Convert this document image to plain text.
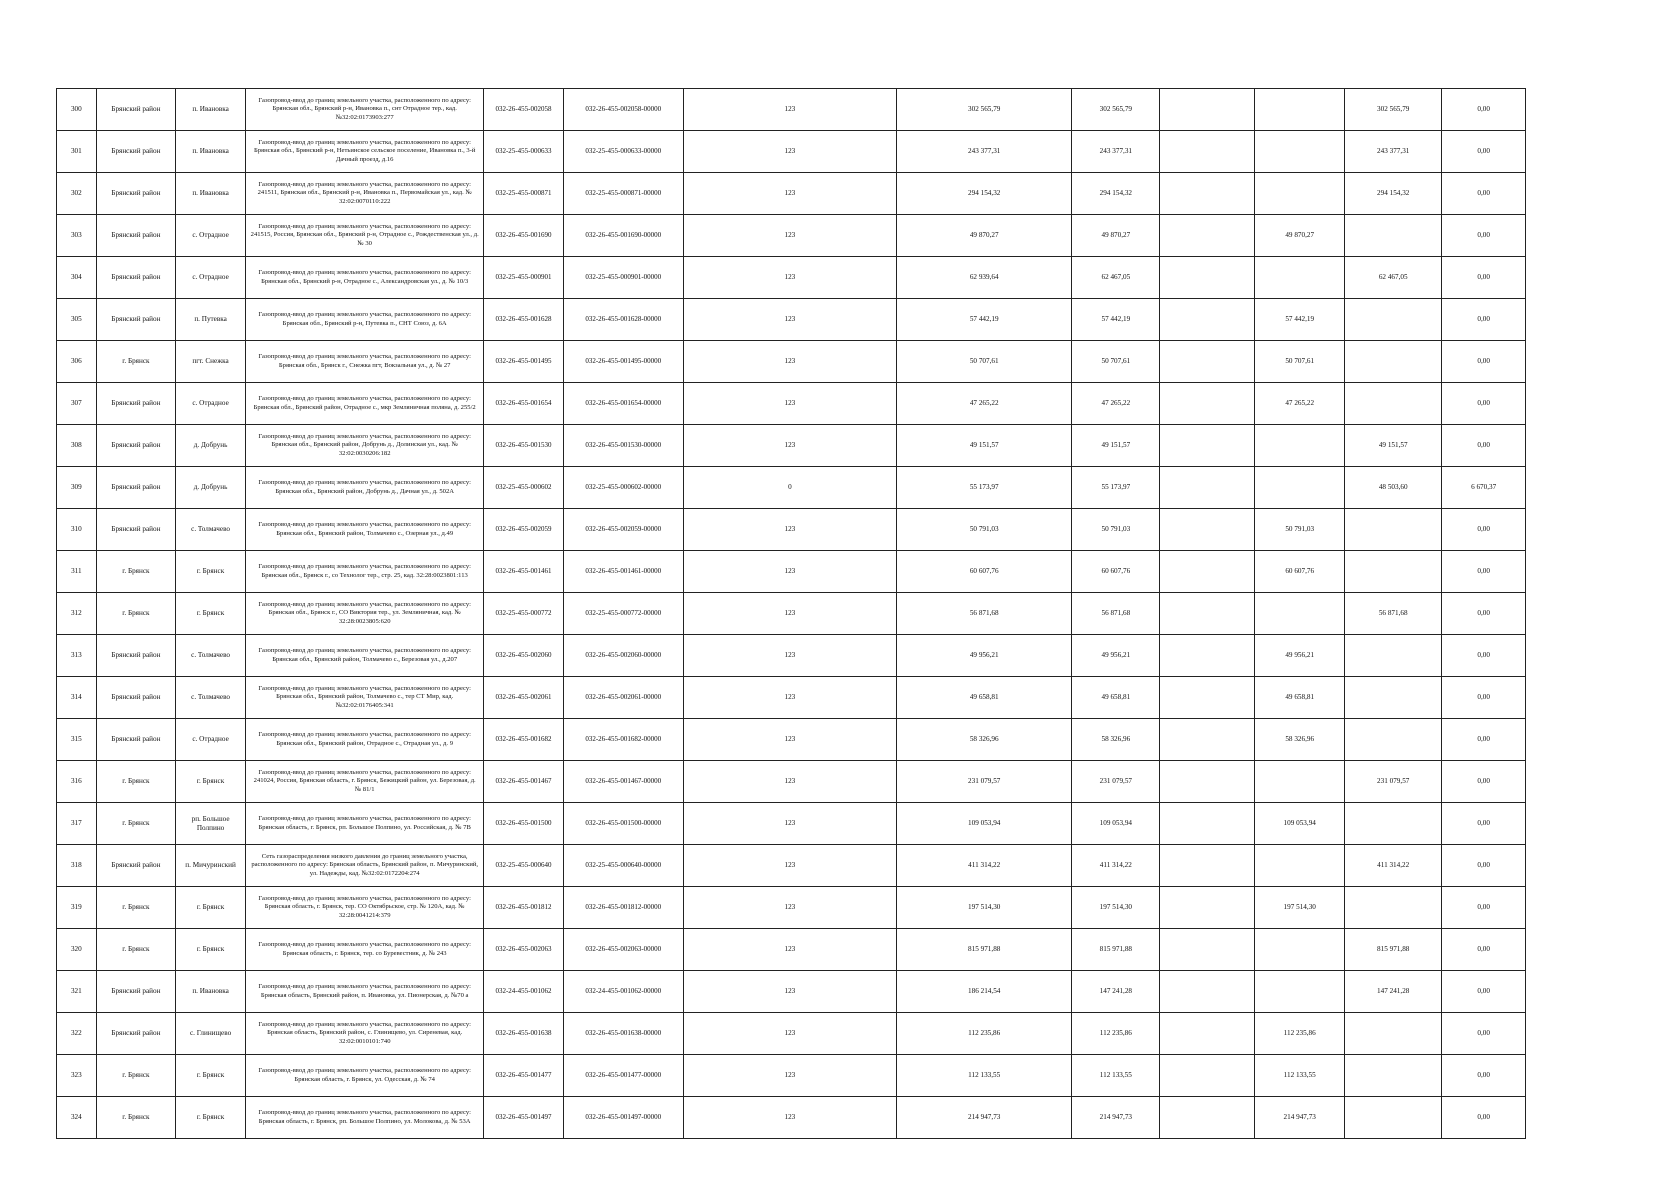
300	Брянский район	п. Ивановка	Газопровод-ввод до границ земельного участка, расположенного по адресу: Брянская обл., Брянский р-н, Ивановка п., снт Отрадное тер., кад. №32:02:0173903:277	032-26-455-002058	032-26-455-002058-00000	123	302 565,79	302 565,79			302 565,79	0,00
301	Брянский район	п. Ивановка	Газопровод-ввод до границ земельного участка, расположенного по адресу: Брянская обл., Брянский р-н, Нетьинское сельское поселение, Ивановка п., 3-й Дачный проезд, д.16	032-25-455-000633	032-25-455-000633-00000	123	243 377,31	243 377,31			243 377,31	0,00
302	Брянский район	п. Ивановка	Газопровод-ввод до границ земельного участка, расположенного по адресу: 241511, Брянская обл., Брянский р-н, Ивановка п., Первомайская ул., кад. № 32:02:0070110:222	032-25-455-000871	032-25-455-000871-00000	123	294 154,32	294 154,32			294 154,32	0,00
303	Брянский район	с. Отрадное	Газопровод-ввод до границ земельного участка, расположенного по адресу: 241515, Россия, Брянская обл., Брянский р-н, Отрадное с., Рождественская ул., д. № 30	032-26-455-001690	032-26-455-001690-00000	123	49 870,27	49 870,27		49 870,27		0,00
304	Брянский район	с. Отрадное	Газопровод-ввод до границ земельного участка, расположенного по адресу: Брянская обл., Брянский р-н, Отрадное с., Александровская ул., д. № 10/3	032-25-455-000901	032-25-455-000901-00000	123	62 939,64	62 467,05			62 467,05	0,00
305	Брянский район	п. Путевка	Газопровод-ввод до границ земельного участка, расположенного по адресу: Брянская обл., Брянский р-н, Путевка п., СНТ Союз, д. 6А	032-26-455-001628	032-26-455-001628-00000	123	57 442,19	57 442,19		57 442,19		0,00
306	г. Брянск	пгт. Снежка	Газопровод-ввод до границ земельного участка, расположенного по адресу: Брянская обл., Брянск г., Снежка пгт, Вокзальная ул., д. № 27	032-26-455-001495	032-26-455-001495-00000	123	50 707,61	50 707,61		50 707,61		0,00
307	Брянский район	с. Отрадное	Газопровод-ввод до границ земельного участка, расположенного по адресу: Брянская обл., Брянский район, Отрадное с., мкр Земляничная поляна, д. 255/2	032-26-455-001654	032-26-455-001654-00000	123	47 265,22	47 265,22		47 265,22		0,00
308	Брянский район	д. Добрунь	Газопровод-ввод до границ земельного участка, расположенного по адресу: Брянская обл., Брянский район, Добрунь д., Долинская ул., кад. № 32:02:0030206:182	032-26-455-001530	032-26-455-001530-00000	123	49 151,57	49 151,57			49 151,57	0,00
309	Брянский район	д. Добрунь	Газопровод-ввод до границ земельного участка, расположенного по адресу: Брянская обл., Брянский район, Добрунь д., Дачная ул., д. 502А	032-25-455-000602	032-25-455-000602-00000	0	55 173,97	55 173,97			48 503,60	6 670,37
310	Брянский район	с. Толмачево	Газопровод-ввод до границ земельного участка, расположенного по адресу: Брянская обл., Брянский район, Толмачево с., Озерная ул., д.49	032-26-455-002059	032-26-455-002059-00000	123	50 791,03	50 791,03		50 791,03		0,00
311	г. Брянск	г. Брянск	Газопровод-ввод до границ земельного участка, расположенного по адресу: Брянская обл., Брянск г., со Технолог тер., стр. 25, кад. 32:28:0023801:113	032-26-455-001461	032-26-455-001461-00000	123	60 607,76	60 607,76		60 607,76		0,00
312	г. Брянск	г. Брянск	Газопровод-ввод до границ земельного участка, расположенного по адресу: Брянская обл., Брянск г., СО Виктория тер., ул. Земляничная, кад. № 32:28:0023805:620	032-25-455-000772	032-25-455-000772-00000	123	56 871,68	56 871,68			56 871,68	0,00
313	Брянский район	с. Толмачево	Газопровод-ввод до границ земельного участка, расположенного по адресу: Брянская обл., Брянский район, Толмачево с., Березовая ул., д.207	032-26-455-002060	032-26-455-002060-00000	123	49 956,21	49 956,21		49 956,21		0,00
314	Брянский район	с. Толмачево	Газопровод-ввод до границ земельного участка, расположенного по адресу: Брянская обл., Брянский район, Толмачево с., тер СТ Мир, кад. №32:02:0176405:341	032-26-455-002061	032-26-455-002061-00000	123	49 658,81	49 658,81		49 658,81		0,00
315	Брянский район	с. Отрадное	Газопровод-ввод до границ земельного участка, расположенного по адресу: Брянская обл., Брянский район, Отрадное с., Отрадная ул., д. 9	032-26-455-001682	032-26-455-001682-00000	123	58 326,96	58 326,96		58 326,96		0,00
316	г. Брянск	г. Брянск	Газопровод-ввод до границ земельного участка, расположенного по адресу: 241024, Россия, Брянская область, г. Брянск, Бежицкий район, ул. Березовая, д. № 81/1	032-26-455-001467	032-26-455-001467-00000	123	231 079,57	231 079,57			231 079,57	0,00
317	г. Брянск	рп. Большое Полпино	Газопровод-ввод до границ земельного участка, расположенного по адресу: Брянская область, г. Брянск, рп. Большое Полпино, ул. Российская, д. № 7В	032-26-455-001500	032-26-455-001500-00000	123	109 053,94	109 053,94		109 053,94		0,00
318	Брянский район	п. Мичуринский	Сеть газораспределения низкого давления до границ земельного участка, расположенного по адресу: Брянская область, Брянский район, п. Мичуринский, ул. Надежды, кад. №32:02:0172204:274	032-25-455-000640	032-25-455-000640-00000	123	411 314,22	411 314,22			411 314,22	0,00
319	г. Брянск	г. Брянск	Газопровод-ввод до границ земельного участка, расположенного по адресу: Брянская область, г. Брянск, тер. СО Октябрьское, стр. № 120А, кад. № 32:28:0041214:379	032-26-455-001812	032-26-455-001812-00000	123	197 514,30	197 514,30		197 514,30		0,00
320	г. Брянск	г. Брянск	Газопровод-ввод до границ земельного участка, расположенного по адресу: Брянская область, г. Брянск, тер. со Буревестник, д. № 243	032-26-455-002063	032-26-455-002063-00000	123	815 971,88	815 971,88			815 971,88	0,00
321	Брянский район	п. Ивановка	Газопровод-ввод до границ земельного участка, расположенного по адресу: Брянская область, Брянский район, п. Ивановка, ул. Пионерская, д. №70 а	032-24-455-001062	032-24-455-001062-00000	123	186 214,54	147 241,28			147 241,28	0,00
322	Брянский район	с. Глинищево	Газопровод-ввод до границ земельного участка, расположенного по адресу: Брянская область, Брянский район, с. Глинищево, ул. Сиреневая, кад. 32:02:0010101:740	032-26-455-001638	032-26-455-001638-00000	123	112 235,86	112 235,86		112 235,86		0,00
323	г. Брянск	г. Брянск	Газопровод-ввод до границ земельного участка, расположенного по адресу: Брянская область, г. Брянск, ул. Одесская, д. № 74	032-26-455-001477	032-26-455-001477-00000	123	112 133,55	112 133,55		112 133,55		0,00
324	г. Брянск	г. Брянск	Газопровод-ввод до границ земельного участка, расположенного по адресу: Брянская область, г. Брянск, рп. Большое Полпино, ул. Молокова, д. № 53А	032-26-455-001497	032-26-455-001497-00000	123	214 947,73	214 947,73		214 947,73		0,00
